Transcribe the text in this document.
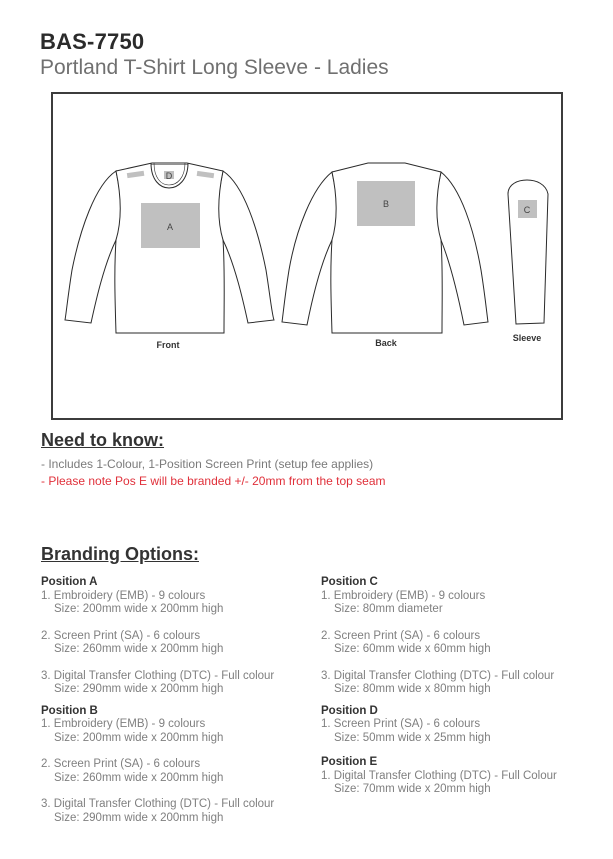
BAS-7750
Portland T-Shirt Long Sleeve - Ladies
A
B
C
D
Front	Back	Sleeve
Need to know:
- Includes 1-Colour, 1-Position Screen Print (setup fee applies)
- Please note Pos E will be branded +/- 20mm from the top seam
Branding Options:
Position A
1. Embroidery (EMB) - 9 colours
Size: 200mm wide x 200mm high
2. Screen Print (SA) - 6 colours
Size: 260mm wide x 200mm high
3. Digital Transfer Clothing (DTC) - Full colour
Size: 290mm wide x 200mm high
Position B
1. Embroidery (EMB) - 9 colours
Size: 200mm wide x 200mm high
2. Screen Print (SA) - 6 colours
Size: 260mm wide x 200mm high
3. Digital Transfer Clothing (DTC) - Full colour
Size: 290mm wide x 200mm high
Position C
1. Embroidery (EMB) - 9 colours
Size: 80mm diameter
2. Screen Print (SA) - 6 colours
Size: 60mm wide x 60mm high
3. Digital Transfer Clothing (DTC) - Full colour
Size: 80mm wide x 80mm high
Position D
1. Screen Print (SA) - 6 colours
Size: 50mm wide x 25mm high
Position E
1. Digital Transfer Clothing (DTC) - Full Colour
Size: 70mm wide x 20mm high
